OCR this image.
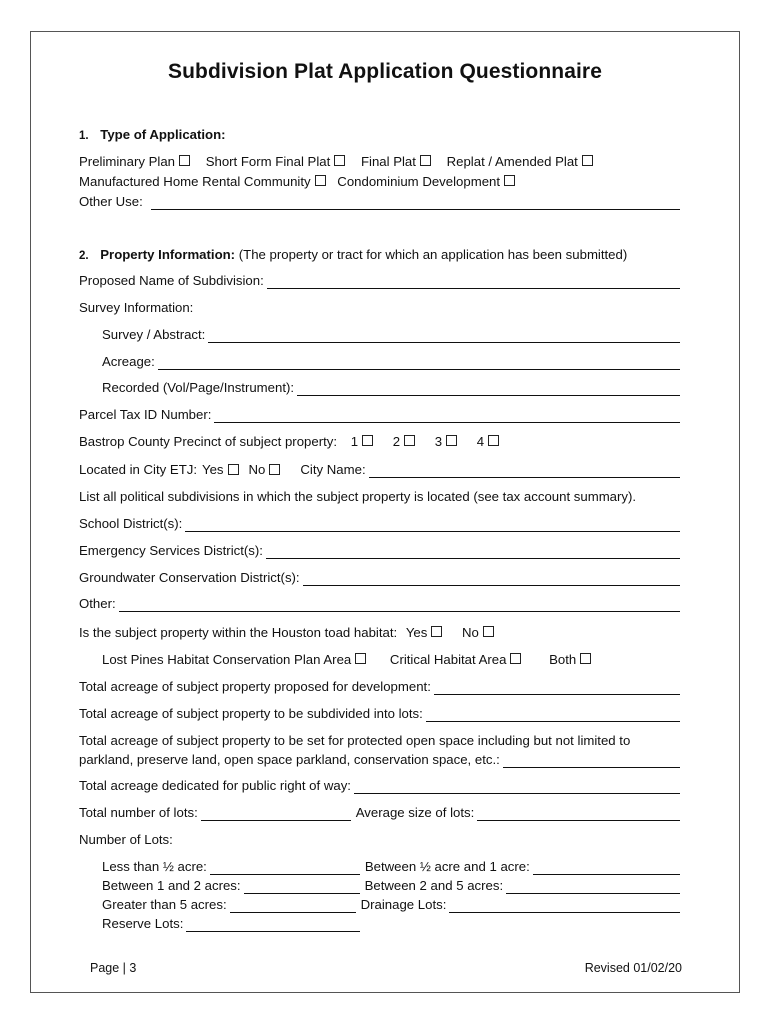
Subdivision Plat Application Questionnaire
1. Type of Application:
Preliminary Plan Short Form Final Plat Final Plat Replat / Amended Plat
Manufactured Home Rental Community Condominium Development
Other Use:
2. Property Information: (The property or tract for which an application has been submitted)
Proposed Name of Subdivision:
Survey Information:
Survey / Abstract:
Acreage:
Recorded (Vol/Page/Instrument):
Parcel Tax ID Number:
Bastrop County Precinct of subject property: 1	2	3	4
Located in City ETJ: Yes No	City Name:
List all political subdivisions in which the subject property is located (see tax account summary).
School District(s):
Emergency Services District(s):
Groundwater Conservation District(s):
Other:
Is the subject property within the Houston toad habitat: Yes	No
Lost Pines Habitat Conservation Plan Area	Critical Habitat Area	Both
Total acreage of subject property proposed for development:
Total acreage of subject property to be subdivided into lots:
Total acreage of subject property to be set for protected open space including but not limited to
parkland, preserve land, open space parkland, conservation space, etc.:
Total acreage dedicated for public right of way:
Total number of lots:	Average size of lots:
Number of Lots:
Less than ½ acre:	Between ½ acre and 1 acre:
Between 1 and 2 acres:	Between 2 and 5 acres:
Greater than 5 acres:	Drainage Lots:
Reserve Lots:
Page | 3	Revised 01/02/20
